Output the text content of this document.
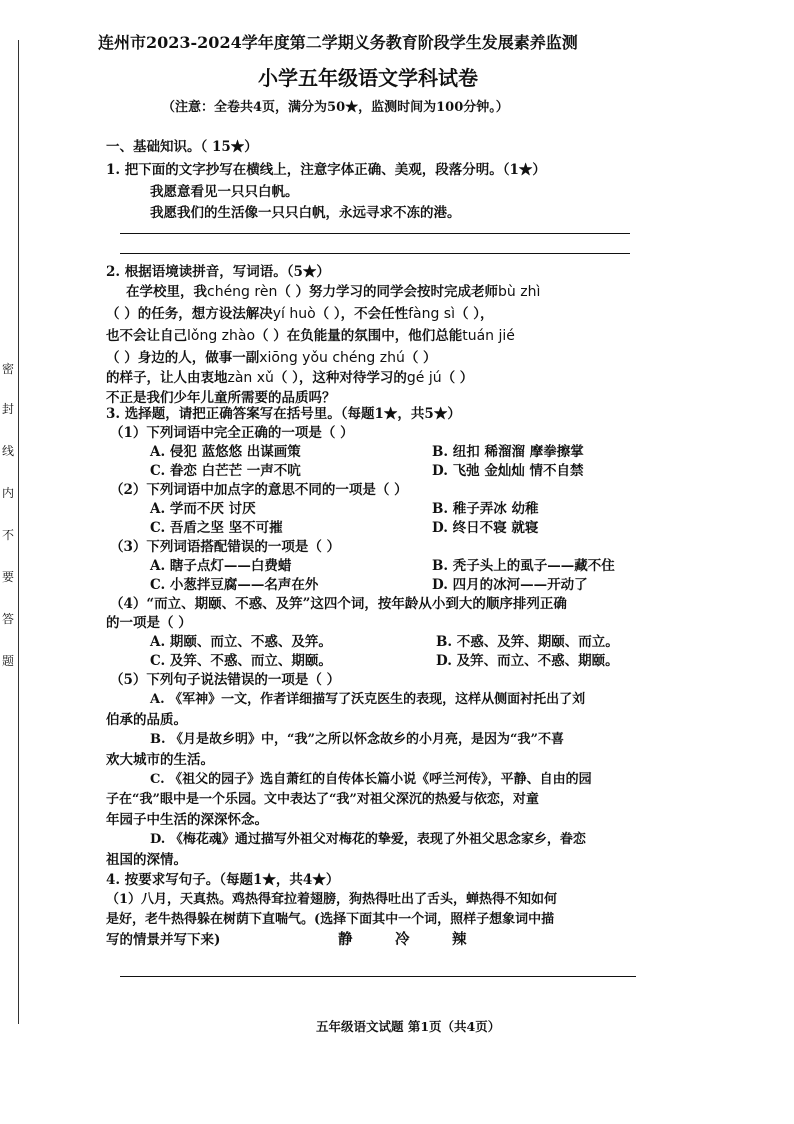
密
封
线
内
不
要
答
题
连州市2023-2024学年度第二学期义务教育阶段学生发展素养监测
小学五年级语文学科试卷
（注意：全卷共4页，满分为50★，监测时间为100分钟。）
一、基础知识。（ 15★）
1. 把下面的文字抄写在横线上，注意字体正确、美观，段落分明。（1★）
我愿意看见一只只白帆。
我愿我们的生活像一只只白帆，永远寻求不冻的港。
2. 根据语境读拼音，写词语。（5★）
在学校里，我chéng rèn（ ）努力学习的同学会按时完成老师bù zhì
（ ）的任务，想方设法解决yí huò（ ），不会任性fàng sì（ ），
也不会让自己lǒng zhào（ ）在负能量的氛围中，他们总能tuán jié
（ ）身边的人，做事一副xiōng yǒu chéng zhú（ ）
的样子，让人由衷地zàn xǔ（ ），这种对待学习的gé jú（ ）
不正是我们少年儿童所需要的品质吗？
3. 选择题，请把正确答案写在括号里。（每题1★，共5★）
（1）下列词语中完全正确的一项是（ ）
A. 侵犯 蓝悠悠 出谋画策	B. 纽扣 稀溜溜 摩拳擦掌
C. 眷恋 白芒芒 一声不吭	D. 飞弛 金灿灿 情不自禁
（2）下列词语中加点字的意思不同的一项是（ ）
A. 学而不厌 讨厌	B. 稚子弄冰 幼稚
C. 吾盾之坚 坚不可摧	D. 终日不寝 就寝
（3）下列词语搭配错误的一项是（ ）
A. 瞎子点灯——白费蜡	B. 秃子头上的虱子——藏不住
C. 小葱拌豆腐——名声在外	D. 四月的冰河——开动了
（4）“而立、期颐、不惑、及笄”这四个词，按年龄从小到大的顺序排列正确
的一项是（ ）
A. 期颐、而立、不惑、及笄。	B. 不惑、及笄、期颐、而立。
C. 及笄、不惑、而立、期颐。	D. 及笄、而立、不惑、期颐。
（5）下列句子说法错误的一项是（ ）
A. 《军神》一文，作者详细描写了沃克医生的表现，这样从侧面衬托出了刘
伯承的品质。
B. 《月是故乡明》中，“我”之所以怀念故乡的小月亮，是因为“我”不喜
欢大城市的生活。
C. 《祖父的园子》选自萧红的自传体长篇小说《呼兰河传》，平静、自由的园
子在“我”眼中是一个乐园。文中表达了“我”对祖父深沉的热爱与依恋，对童
年园子中生活的深深怀念。
D. 《梅花魂》通过描写外祖父对梅花的挚爱，表现了外祖父思念家乡，眷恋
祖国的深情。
4. 按要求写句子。（每题1★，共4★）
（1）八月，天真热。鸡热得耷拉着翅膀，狗热得吐出了舌头，蝉热得不知如何
是好，老牛热得躲在树荫下直喘气。(选择下面其中一个词，照样子想象词中描
写的情景并写下来)	静	冷	辣
五年级语文试题 第1页（共4页）
